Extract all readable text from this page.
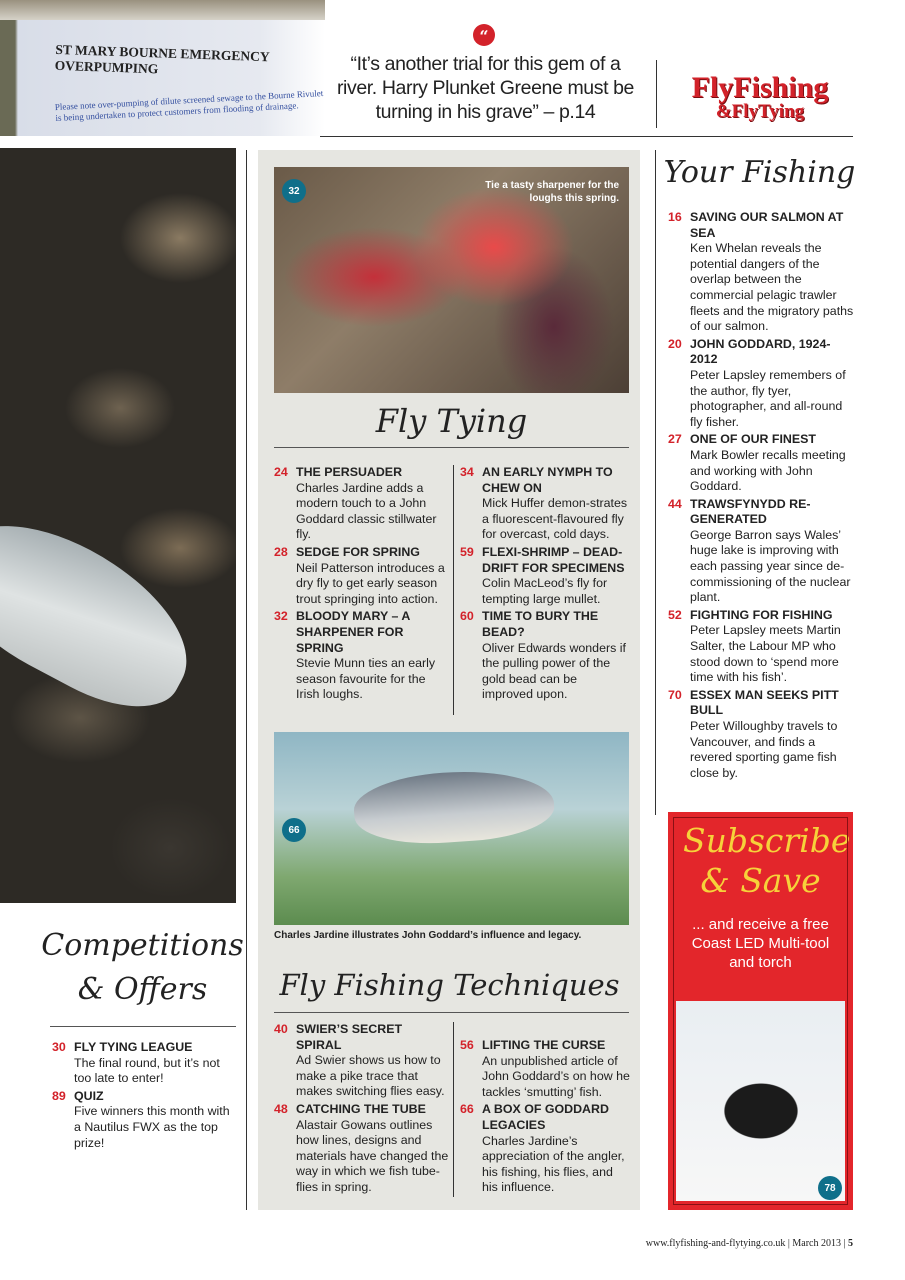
ST MARY BOURNE EMERGENCY OVERPUMPING
Please note over-pumping of dilute screened sewage to the Bourne Rivulet is being undertaken to protect customers from flooding of drainage.
“
“It’s another trial for this gem of a river. Harry Plunket Greene must be turning in his grave” – p.14
FlyFishing
&FlyTying
Competitions & Offers
30 FLY TYING LEAGUE
The final round, but it’s not too late to enter!
89 QUIZ
Five winners this month with a Nautilus FWX as the top prize!
32	Tie a tasty sharpener for the loughs this spring.
Fly Tying
24 THE PERSUADER
Charles Jardine adds a modern touch to a John Goddard classic stillwater fly.
28 SEDGE FOR SPRING
Neil Patterson introduces a dry fly to get early season trout springing into action.
32 BLOODY MARY – A SHARPENER FOR SPRING
Stevie Munn ties an early season favourite for the Irish loughs.
34 AN EARLY NYMPH TO CHEW ON
Mick Huffer demon-strates a fluorescent-flavoured fly for overcast, cold days.
59 FLEXI-SHRIMP – DEAD-DRIFT FOR SPECIMENS
Colin MacLeod’s fly for tempting large mullet.
60 TIME TO BURY THE BEAD?
Oliver Edwards wonders if the pulling power of the gold bead can be improved upon.
66
Charles Jardine illustrates John Goddard’s influence and legacy.
Fly Fishing Techniques
40 SWIER’S SECRET SPIRAL
Ad Swier shows us how to make a pike trace that makes switching flies easy.
48 CATCHING THE TUBE
Alastair Gowans outlines how lines, designs and materials have changed the way in which we fish tube-flies in spring.
56 LIFTING THE CURSE
An unpublished article of John Goddard’s on how he tackles ‘smutting’ fish.
66 A BOX OF GODDARD LEGACIES
Charles Jardine’s appreciation of the angler, his fishing, his flies, and his influence.
Your Fishing
16 SAVING OUR SALMON AT SEA
Ken Whelan reveals the potential dangers of the overlap between the commercial pelagic trawler fleets and the migratory paths of our salmon.
20 JOHN GODDARD, 1924-2012
Peter Lapsley remembers of the author, fly tyer, photographer, and all-round fly fisher.
27 ONE OF OUR FINEST
Mark Bowler recalls meeting and working with John Goddard.
44 TRAWSFYNYDD RE-GENERATED
George Barron says Wales’ huge lake is improving with each passing year since de-commissioning of the nuclear plant.
52 FIGHTING FOR FISHING
Peter Lapsley meets Martin Salter, the Labour MP who stood down to ‘spend more time with his fish’.
70 ESSEX MAN SEEKS PITT BULL
Peter Willoughby travels to Vancouver, and finds a revered sporting game fish close by.
Subscribe & Save
... and receive a free Coast LED Multi-tool and torch
78
www.flyfishing-and-flytying.co.uk | March 2013 | 5
